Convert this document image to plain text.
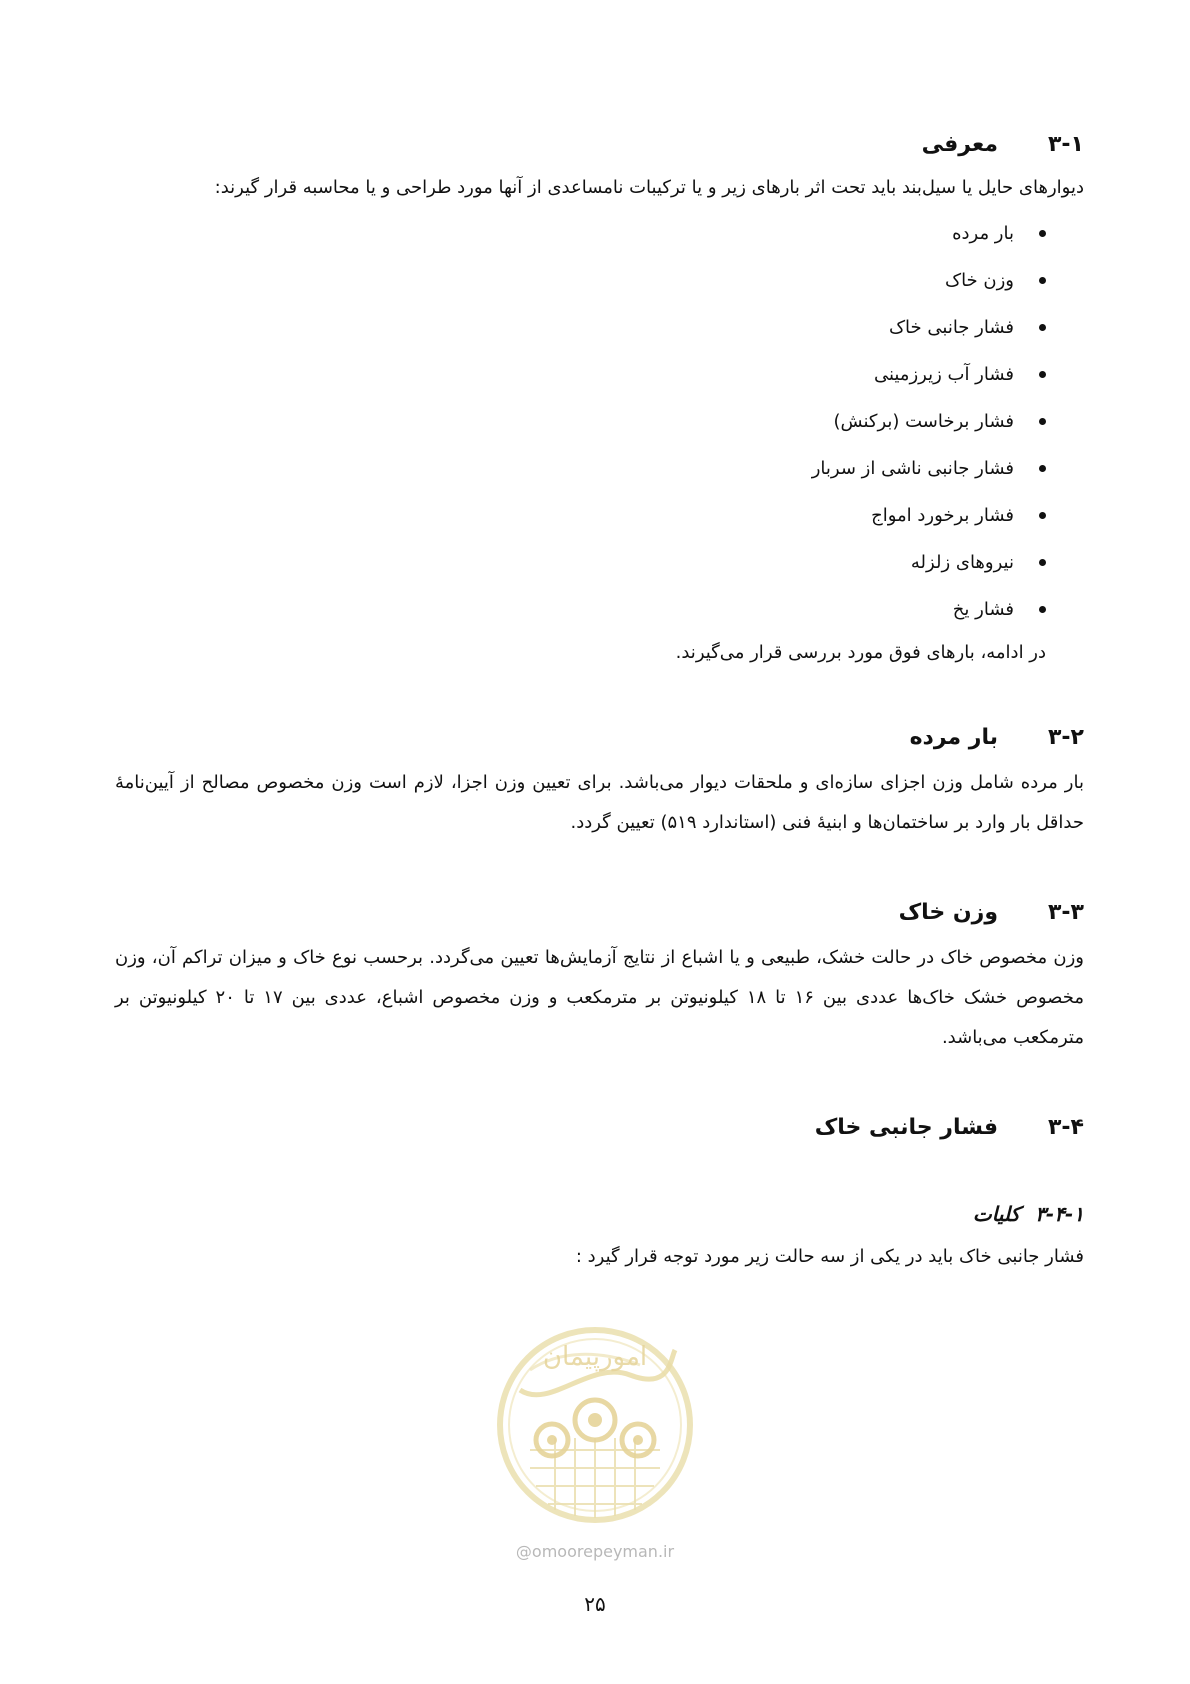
۳-۱
معرفی

دیوارهای حایل یا سیل‌بند باید تحت اثر بارهای زیر و یا ترکیبات نامساعدی از آنها مورد طراحی و یا محاسبه قرار گیرند:

بار مرده
وزن خاک
فشار جانبی خاک
فشار آب زیرزمینی
فشار برخاست (برکنش)
فشار جانبی ناشی از سربار
فشار برخورد امواج
نیروهای زلزله
فشار یخ

در ادامه، بارهای فوق مورد بررسی قرار می‌گیرند.

۳-۲
بار مرده

بار مرده شامل وزن اجزای سازه‌ای و ملحقات دیوار می‌باشد. برای تعیین وزن اجزا، لازم است وزن مخصوص مصالح از آیین‌نامهٔ حداقل بار وارد بر ساختمان‌ها و ابنیهٔ فنی (استاندارد ۵۱۹) تعیین گردد.

۳-۳
وزن خاک

وزن مخصوص خاک در حالت خشک، طبیعی و یا اشباع از نتایج آزمایش‌ها تعیین می‌گردد. برحسب نوع خاک و میزان تراکم آن، وزن مخصوص خشک خاک‌ها عددی بین ۱۶ تا ۱۸ کیلونیوتن بر مترمکعب و وزن مخصوص اشباع، عددی بین ۱۷ تا ۲۰ کیلونیوتن بر مترمکعب می‌باشد.

۳-۴
فشار جانبی خاک
۳-۴-۱
کلیات

فشار جانبی خاک باید در یکی از سه حالت زیر مورد توجه قرار گیرد :

امورپیمان
@omoorepeyman.ir
۲۵
